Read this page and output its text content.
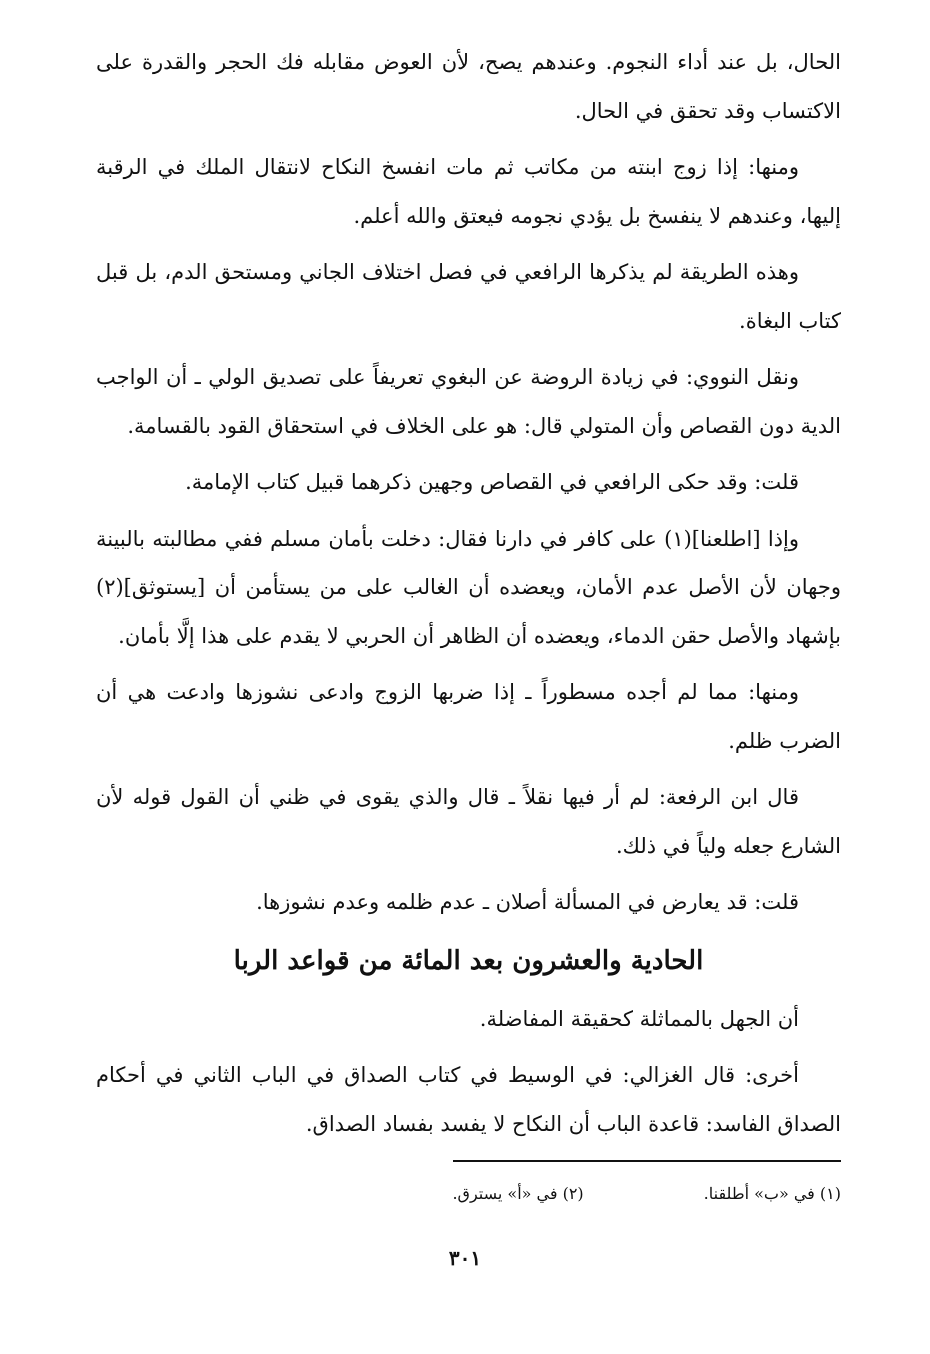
الحال، بل عند أداء النجوم. وعندهم يصح، لأن العوض مقابله فك الحجر والقدرة على الاكتساب وقد تحقق في الحال.

ومنها: إذا زوج ابنته من مكاتب ثم مات انفسخ النكاح لانتقال الملك في الرقبة إليها، وعندهم لا ينفسخ بل يؤدي نجومه فيعتق والله أعلم.

وهذه الطريقة لم يذكرها الرافعي في فصل اختلاف الجاني ومستحق الدم، بل قبل كتاب البغاة.

ونقل النووي: في زيادة الروضة عن البغوي تعريفاً على تصديق الولي ـ أن الواجب الدية دون القصاص وأن المتولي قال: هو على الخلاف في استحقاق القود بالقسامة.

قلت: وقد حكى الرافعي في القصاص وجهين ذكرهما قبيل كتاب الإمامة.

وإذا [اطلعنا](١) على كافر في دارنا فقال: دخلت بأمان مسلم ففي مطالبته بالبينة وجهان لأن الأصل عدم الأمان، ويعضده أن الغالب على من يستأمن أن [يستوثق](٢) بإشهاد والأصل حقن الدماء، ويعضده أن الظاهر أن الحربي لا يقدم على هذا إلَّا بأمان.

ومنها: مما لم أجده مسطوراً ـ إذا ضربها الزوج وادعى نشوزها وادعت هي أن الضرب ظلم.

قال ابن الرفعة: لم أر فيها نقلاً ـ قال والذي يقوى في ظني أن القول قوله لأن الشارع جعله ولياً في ذلك.

قلت: قد يعارض في المسألة أصلان ـ عدم ظلمه وعدم نشوزها.

الحادية والعشرون بعد المائة من قواعد الربا

أن الجهل بالمماثلة كحقيقة المفاضلة.

أخرى: قال الغزالي: في الوسيط في كتاب الصداق في الباب الثاني في أحكام الصداق الفاسد: قاعدة الباب أن النكاح لا يفسد بفساد الصداق.

(١) في «ب» أطلقنا.
(٢) في «أ» يسترق.
٣٠١
